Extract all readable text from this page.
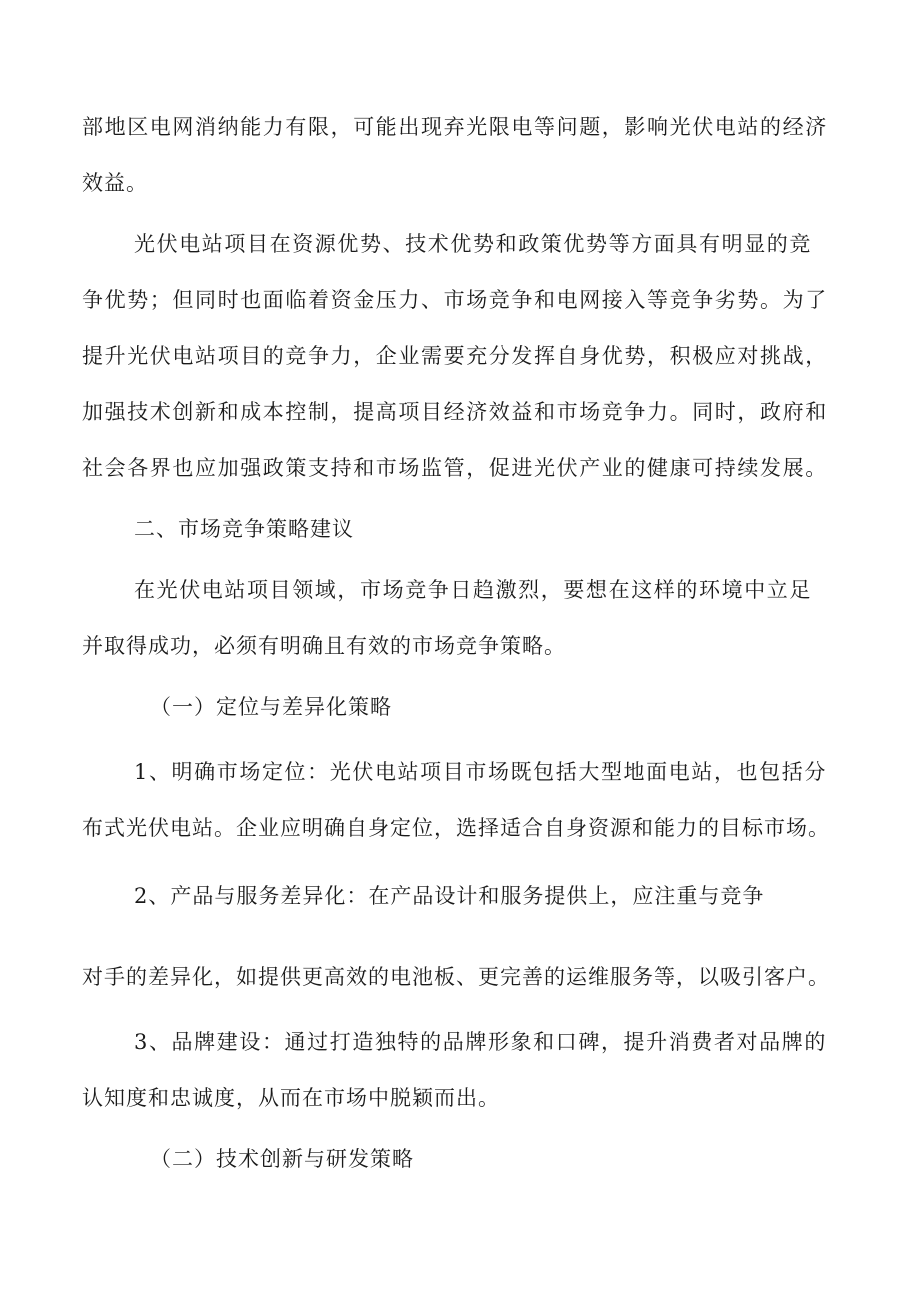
部地区电网消纳能力有限，可能出现弃光限电等问题，影响光伏电站的经济
效益。
光伏电站项目在资源优势、技术优势和政策优势等方面具有明显的竞
争优势；但同时也面临着资金压力、市场竞争和电网接入等竞争劣势。为了
提升光伏电站项目的竞争力，企业需要充分发挥自身优势，积极应对挑战，
加强技术创新和成本控制，提高项目经济效益和市场竞争力。同时，政府和
社会各界也应加强政策支持和市场监管，促进光伏产业的健康可持续发展。
二、市场竞争策略建议
在光伏电站项目领域，市场竞争日趋激烈，要想在这样的环境中立足
并取得成功，必须有明确且有效的市场竞争策略。
（一）定位与差异化策略
1、明确市场定位：光伏电站项目市场既包括大型地面电站，也包括分
布式光伏电站。企业应明确自身定位，选择适合自身资源和能力的目标市场。
2、产品与服务差异化：在产品设计和服务提供上，应注重与竞争
对手的差异化，如提供更高效的电池板、更完善的运维服务等，以吸引客户。
3、品牌建设：通过打造独特的品牌形象和口碑，提升消费者对品牌的
认知度和忠诚度，从而在市场中脱颖而出。
（二）技术创新与研发策略
